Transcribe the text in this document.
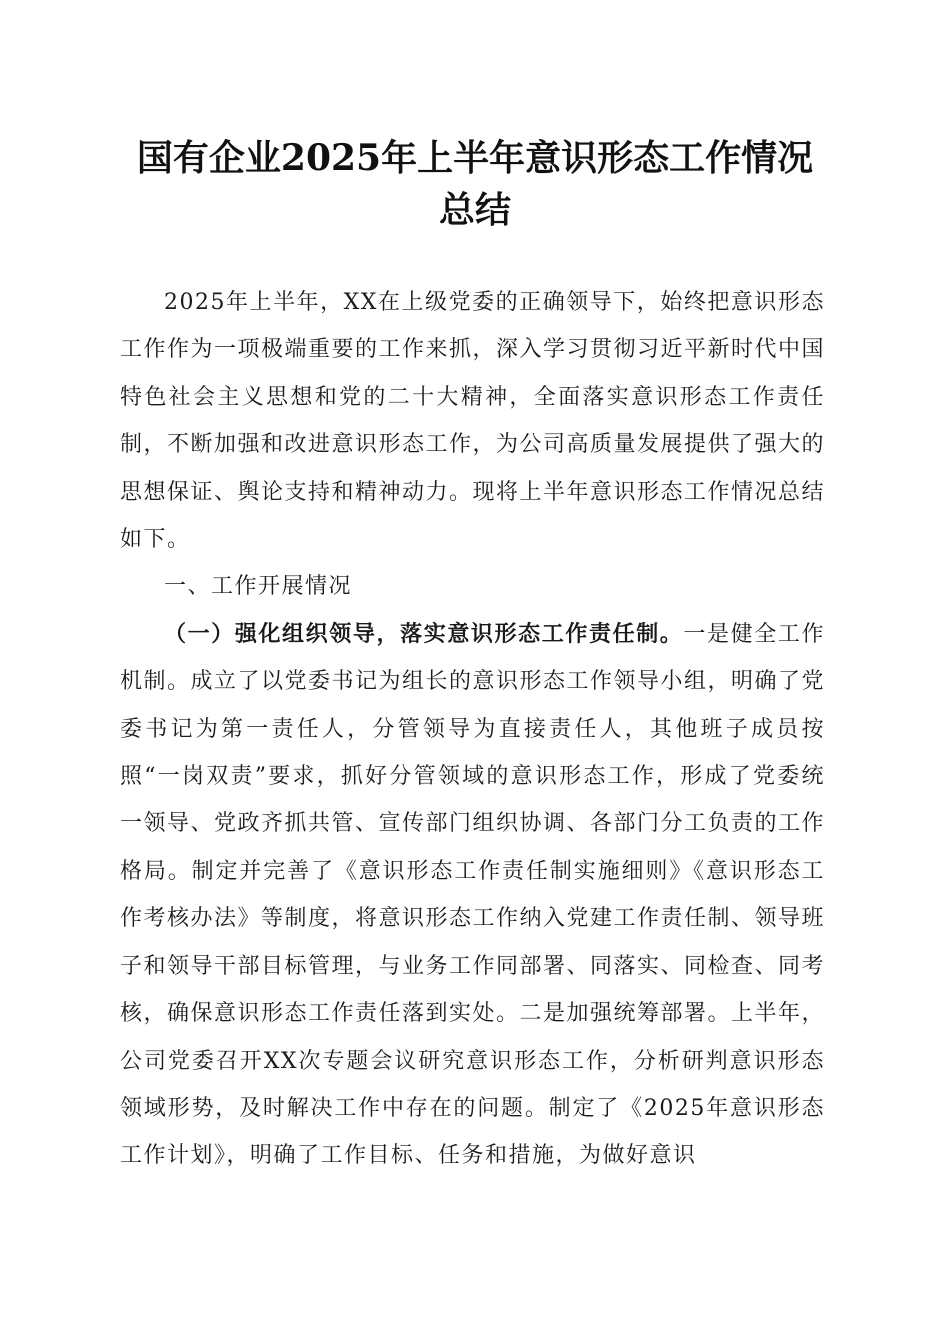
国有企业2025年上半年意识形态工作情况总结

2025年上半年，XX在上级党委的正确领导下，始终把意识形态工作作为一项极端重要的工作来抓，深入学习贯彻习近平新时代中国特色社会主义思想和党的二十大精神，全面落实意识形态工作责任制，不断加强和改进意识形态工作，为公司高质量发展提供了强大的思想保证、舆论支持和精神动力。现将上半年意识形态工作情况总结如下。

一、工作开展情况

（一）强化组织领导，落实意识形态工作责任制。一是健全工作机制。成立了以党委书记为组长的意识形态工作领导小组，明确了党委书记为第一责任人，分管领导为直接责任人，其他班子成员按照“一岗双责”要求，抓好分管领域的意识形态工作，形成了党委统一领导、党政齐抓共管、宣传部门组织协调、各部门分工负责的工作格局。制定并完善了《意识形态工作责任制实施细则》《意识形态工作考核办法》等制度，将意识形态工作纳入党建工作责任制、领导班子和领导干部目标管理，与业务工作同部署、同落实、同检查、同考核，确保意识形态工作责任落到实处。二是加强统筹部署。上半年，公司党委召开XX次专题会议研究意识形态工作，分析研判意识形态领域形势，及时解决工作中存在的问题。制定了《2025年意识形态工作计划》，明确了工作目标、任务和措施，为做好意识
